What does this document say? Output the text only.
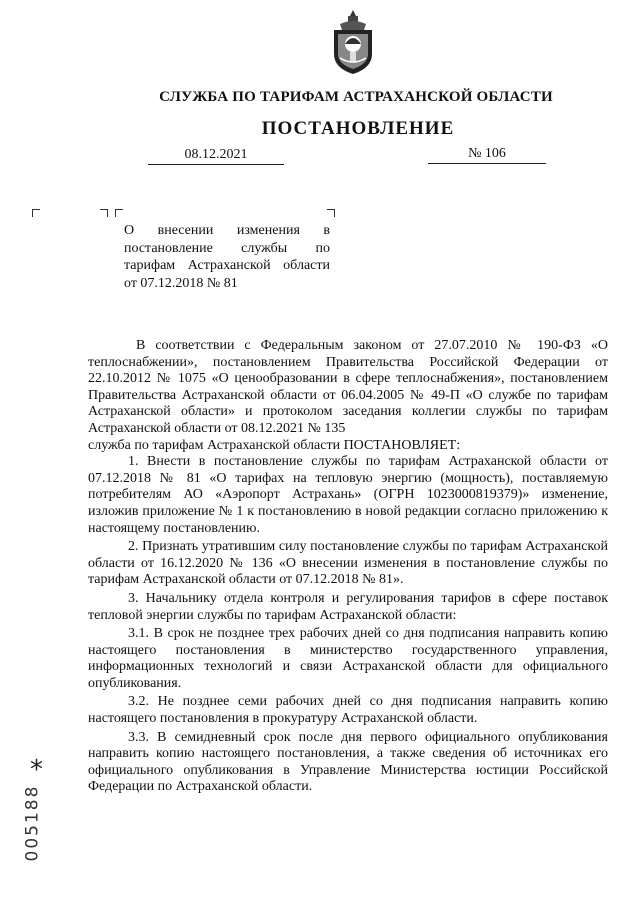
СЛУЖБА ПО ТАРИФАМ АСТРАХАНСКОЙ ОБЛАСТИ
ПОСТАНОВЛЕНИЕ
08.12.2021	№ 106
О внесении изменения в
постановление службы по
тарифам Астраханской области
от 07.12.2018 № 81

В соответствии с Федеральным законом от 27.07.2010 № 190-ФЗ «О теплоснабжении», постановлением Правительства Российской Федерации от 22.10.2012 № 1075 «О ценообразовании в сфере теплоснабжения», постановлением Правительства Астраханской области от 06.04.2005 № 49-П «О службе по тарифам Астраханской области» и протоколом заседания коллегии службы по тарифам Астраханской области от 08.12.2021 № 135

служба по тарифам Астраханской области ПОСТАНОВЛЯЕТ:

1. Внести в постановление службы по тарифам Астраханской области от 07.12.2018 № 81 «О тарифах на тепловую энергию (мощность), поставляемую потребителям АО «Аэропорт Астрахань» (ОГРН 1023000819379)» изменение, изложив приложение № 1 к постановлению в новой редакции согласно приложению к настоящему постановлению.

2. Признать утратившим силу постановление службы по тарифам Астраханской области от 16.12.2020 № 136 «О внесении изменения в постановление службы по тарифам Астраханской области от 07.12.2018 № 81».

3. Начальнику отдела контроля и регулирования тарифов в сфере поставок тепловой энергии службы по тарифам Астраханской области:

3.1. В срок не позднее трех рабочих дней со дня подписания направить копию настоящего постановления в министерство государственного управления, информационных технологий и связи Астраханской области для официального опубликования.

3.2. Не позднее семи рабочих дней со дня подписания направить копию настоящего постановления в прокуратуру Астраханской области.

3.3. В семидневный срок после дня первого официального опубликования направить копию настоящего постановления, а также сведения об источниках его официального опубликования в Управление Министерства юстиции Российской Федерации по Астраханской области.

*
005188
